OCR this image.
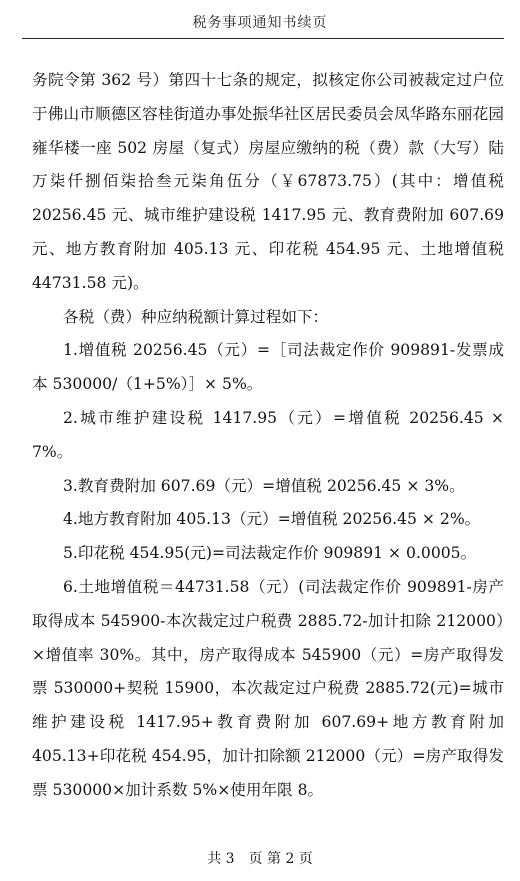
税务事项通知书续页

务院令第 362 号）第四十七条的规定，拟核定你公司被裁定过户位于佛山市顺德区容桂街道办事处振华社区居民委员会凤华路东丽花园雍华楼一座 502 房屋（复式）房屋应缴纳的税（费）款（大写）陆万柒仟捌佰柒拾叁元柒角伍分（￥67873.75）(其中：增值税 20256.45 元、城市维护建设税 1417.95 元、教育费附加 607.69 元、地方教育附加 405.13 元、印花税 454.95 元、土地增值税 44731.58 元)。

各税（费）种应纳税额计算过程如下：

1.增值税 20256.45（元）=［司法裁定作价 909891-发票成本 530000/（1+5%）］× 5%。

2.城市维护建设税 1417.95（元）=增值税 20256.45 × 7%。

3.教育费附加 607.69（元）=增值税 20256.45 × 3%。

4.地方教育附加 405.13（元）=增值税 20256.45 × 2%。

5.印花税 454.95(元)=司法裁定作价 909891 × 0.0005。

6.土地增值税＝44731.58（元）(司法裁定作价 909891-房产取得成本 545900-本次裁定过户税费 2885.72-加计扣除 212000）×增值率 30%。其中，房产取得成本 545900（元）=房产取得发票 530000+契税 15900，本次裁定过户税费 2885.72(元)=城市维护建设税 1417.95+教育费附加 607.69+地方教育附加 405.13+印花税 454.95，加计扣除额 212000（元）=房产取得发票 530000×加计系数 5%×使用年限 8。

共 3　页 第 2 页
